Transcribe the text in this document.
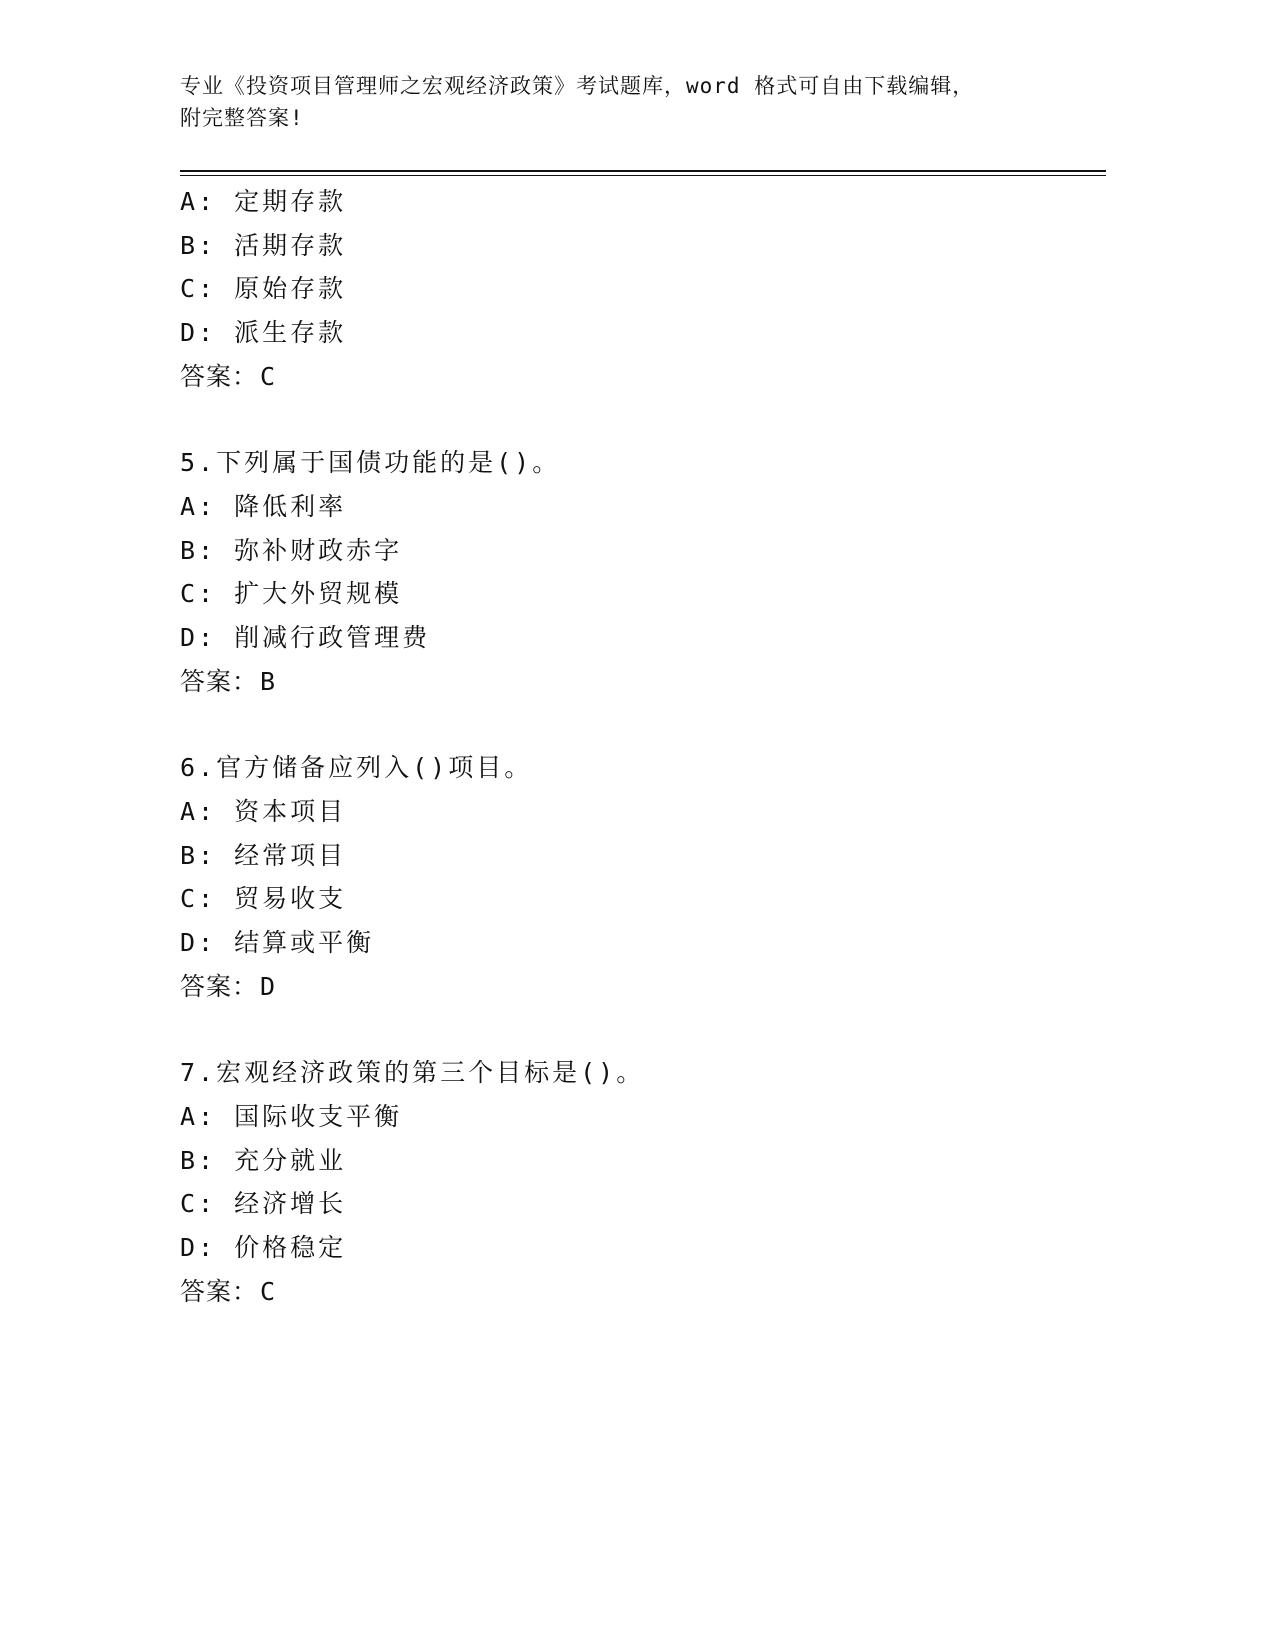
专业《投资项目管理师之宏观经济政策》考试题库，word 格式可自由下载编辑，
附完整答案!
A: 定期存款
B: 活期存款
C: 原始存款
D: 派生存款
答案：C
5.下列属于国债功能的是()。
A: 降低利率
B: 弥补财政赤字
C: 扩大外贸规模
D: 削减行政管理费
答案：B
6.官方储备应列入()项目。
A: 资本项目
B: 经常项目
C: 贸易收支
D: 结算或平衡
答案：D
7.宏观经济政策的第三个目标是()。
A: 国际收支平衡
B: 充分就业
C: 经济增长
D: 价格稳定
答案：C
